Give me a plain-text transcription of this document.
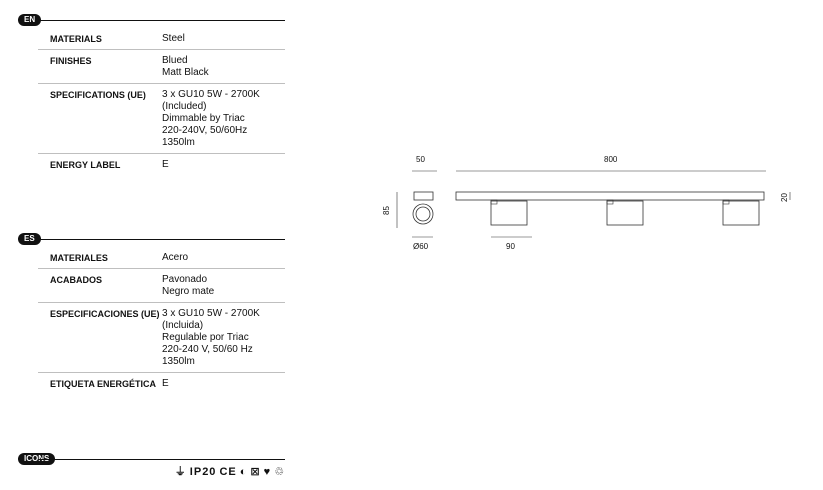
EN
MATERIALS	Steel
FINISHES	Blued
Matt Black
SPECIFICATIONS (UE)	3 x GU10 5W - 2700K
(Included)
Dimmable by Triac
220-240V, 50/60Hz
1350lm
ENERGY LABEL	E
ES
MATERIALES	Acero
ACABADOS	Pavonado
Negro mate
ESPECIFICACIONES (UE) 3 x GU10 5W - 2700K
(Incluida)
Regulable por Triac
220-240 V, 50/60 Hz
1350lm
ETIQUETA ENERGÉTICA E
ICONS
⏚ IP20 CE ◐ ⊠ ♥ ♲
50
85
Ø60
800
20
90
